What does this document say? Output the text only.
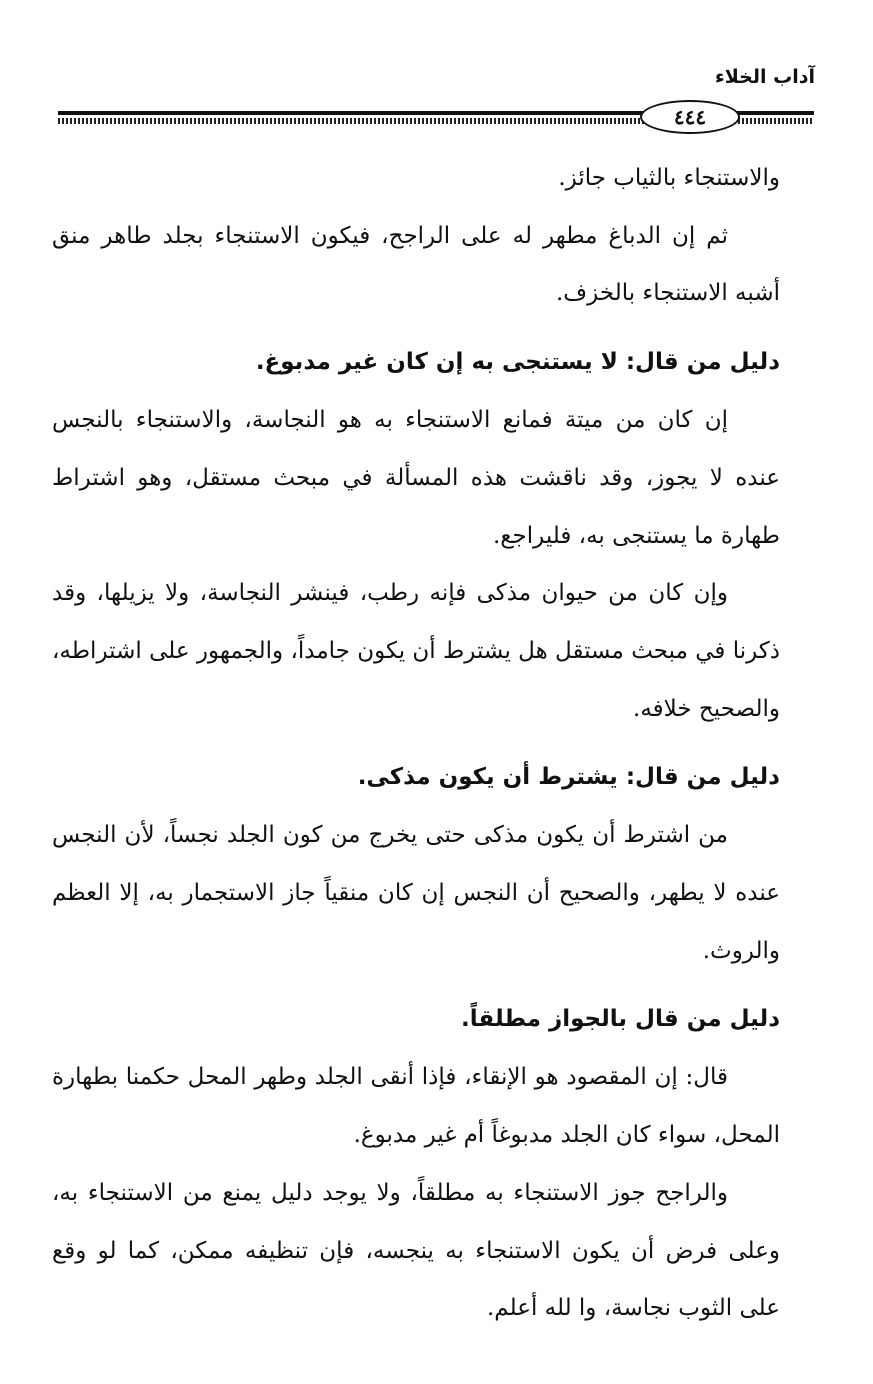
آداب الخلاء
٤٤٤

والاستنجاء بالثياب جائز.

ثم إن الدباغ مطهر له على الراجح، فيكون الاستنجاء بجلد طاهر منق أشبه الاستنجاء بالخزف.

دليل من قال: لا يستنجى به إن كان غير مدبوغ.

إن كان من ميتة فمانع الاستنجاء به هو النجاسة، والاستنجاء بالنجس عنده لا يجوز، وقد ناقشت هذه المسألة في مبحث مستقل، وهو اشتراط طهارة ما يستنجى به، فليراجع.

وإن كان من حيوان مذكى فإنه رطب، فينشر النجاسة، ولا يزيلها، وقد ذكرنا في مبحث مستقل هل يشترط أن يكون جامداً، والجمهور على اشتراطه، والصحيح خلافه.

دليل من قال: يشترط أن يكون مذكى.

من اشترط أن يكون مذكى حتى يخرج من كون الجلد نجساً، لأن النجس عنده لا يطهر، والصحيح أن النجس إن كان منقياً جاز الاستجمار به، إلا العظم والروث.

دليل من قال بالجواز مطلقاً.

قال: إن المقصود هو الإنقاء، فإذا أنقى الجلد وطهر المحل حكمنا بطهارة المحل، سواء كان الجلد مدبوغاً أم غير مدبوغ.

والراجح جوز الاستنجاء به مطلقاً، ولا يوجد دليل يمنع من الاستنجاء به، وعلى فرض أن يكون الاستنجاء به ينجسه، فإن تنظيفه ممكن، كما لو وقع على الثوب نجاسة، وا لله أعلم.
